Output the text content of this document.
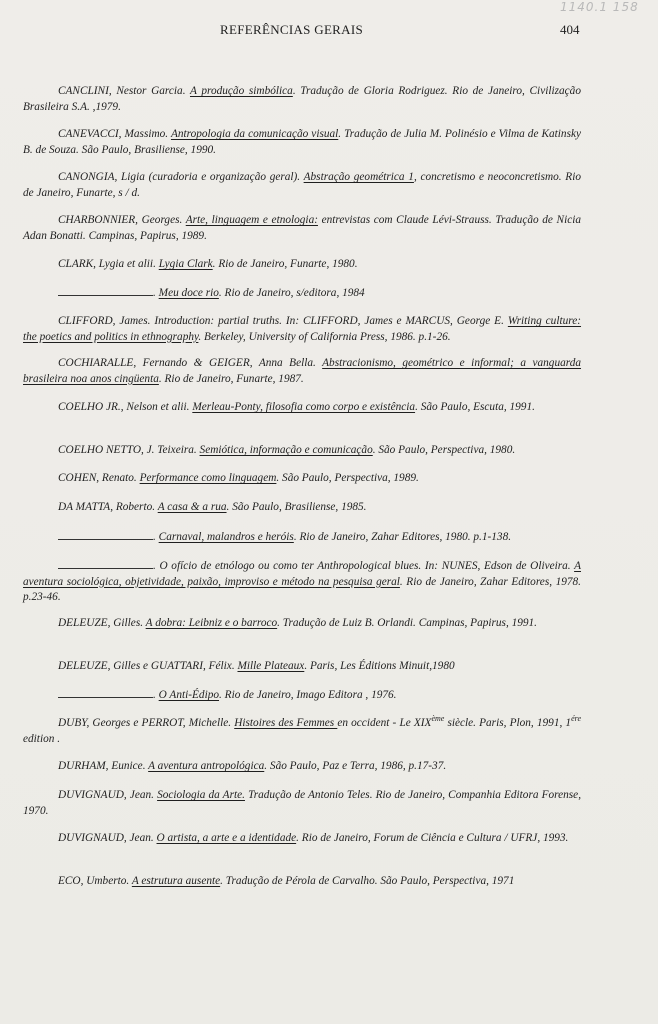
1140.1 158
REFERÊNCIAS GERAIS	404

CANCLINI, Nestor Garcia. A produção simbólica. Tradução de Gloria Rodriguez. Rio de Janeiro, Civilização Brasileira S.A. ,1979.

CANEVACCI, Massimo. Antropologia da comunicação visual. Tradução de Julia M. Polinésio e Vilma de Katinsky B. de Souza. São Paulo, Brasiliense, 1990.

CANONGIA, Ligia (curadoria e organização geral). Abstração geométrica 1, concretismo e neoconcretismo. Rio de Janeiro, Funarte, s / d.

CHARBONNIER, Georges. Arte, linguagem e etnologia: entrevistas com Claude Lévi-Strauss. Tradução de Nicia Adan Bonatti. Campinas, Papirus, 1989.

CLARK, Lygia et alii. Lygia Clark. Rio de Janeiro, Funarte, 1980.

. Meu doce rio. Rio de Janeiro, s/editora, 1984

CLIFFORD, James. Introduction: partial truths. In: CLIFFORD, James e MARCUS, George E. Writing culture: the poetics and politics in ethnography. Berkeley, University of California Press, 1986. p.1-26.

COCHIARALLE, Fernando & GEIGER, Anna Bella. Abstracionismo, geométrico e informal; a vanguarda brasileira noa anos cingüenta. Rio de Janeiro, Funarte, 1987.

COELHO JR., Nelson et alii. Merleau-Ponty, filosofia como corpo e existência. São Paulo, Escuta, 1991.

COELHO NETTO, J. Teixeira. Semiótica, informação e comunicação. São Paulo, Perspectiva, 1980.

COHEN, Renato. Performance como linguagem. São Paulo, Perspectiva, 1989.

DA MATTA, Roberto. A casa & a rua. São Paulo, Brasiliense, 1985.

. Carnaval, malandros e heróis. Rio de Janeiro, Zahar Editores, 1980. p.1-138.

. O ofício de etnólogo ou como ter Anthropological blues. In: NUNES, Edson de Oliveira. A aventura sociológica, objetividade, paixão, improviso e método na pesquisa geral. Rio de Janeiro, Zahar Editores, 1978. p.23-46.

DELEUZE, Gilles. A dobra: Leibniz e o barroco. Tradução de Luiz B. Orlandi. Campinas, Papirus, 1991.

DELEUZE, Gilles e GUATTARI, Félix. Mille Plateaux. Paris, Les Éditions Minuit,1980

. O Anti-Édipo. Rio de Janeiro, Imago Editora , 1976.

DUBY, Georges e PERROT, Michelle. Histoires des Femmes en occident - Le XIXème siècle. Paris, Plon, 1991, $1^{ére}$ edition .

DURHAM, Eunice. A aventura antropológica. São Paulo, Paz e Terra, 1986, p.17-37.

DUVIGNAUD, Jean. Sociologia da Arte. Tradução de Antonio Teles. Rio de Janeiro, Companhia Editora Forense, 1970.

DUVIGNAUD, Jean. O artista, a arte e a identidade. Rio de Janeiro, Forum de Ciência e Cultura / UFRJ, 1993.

ECO, Umberto. A estrutura ausente. Tradução de Pérola de Carvalho. São Paulo, Perspectiva, 1971
